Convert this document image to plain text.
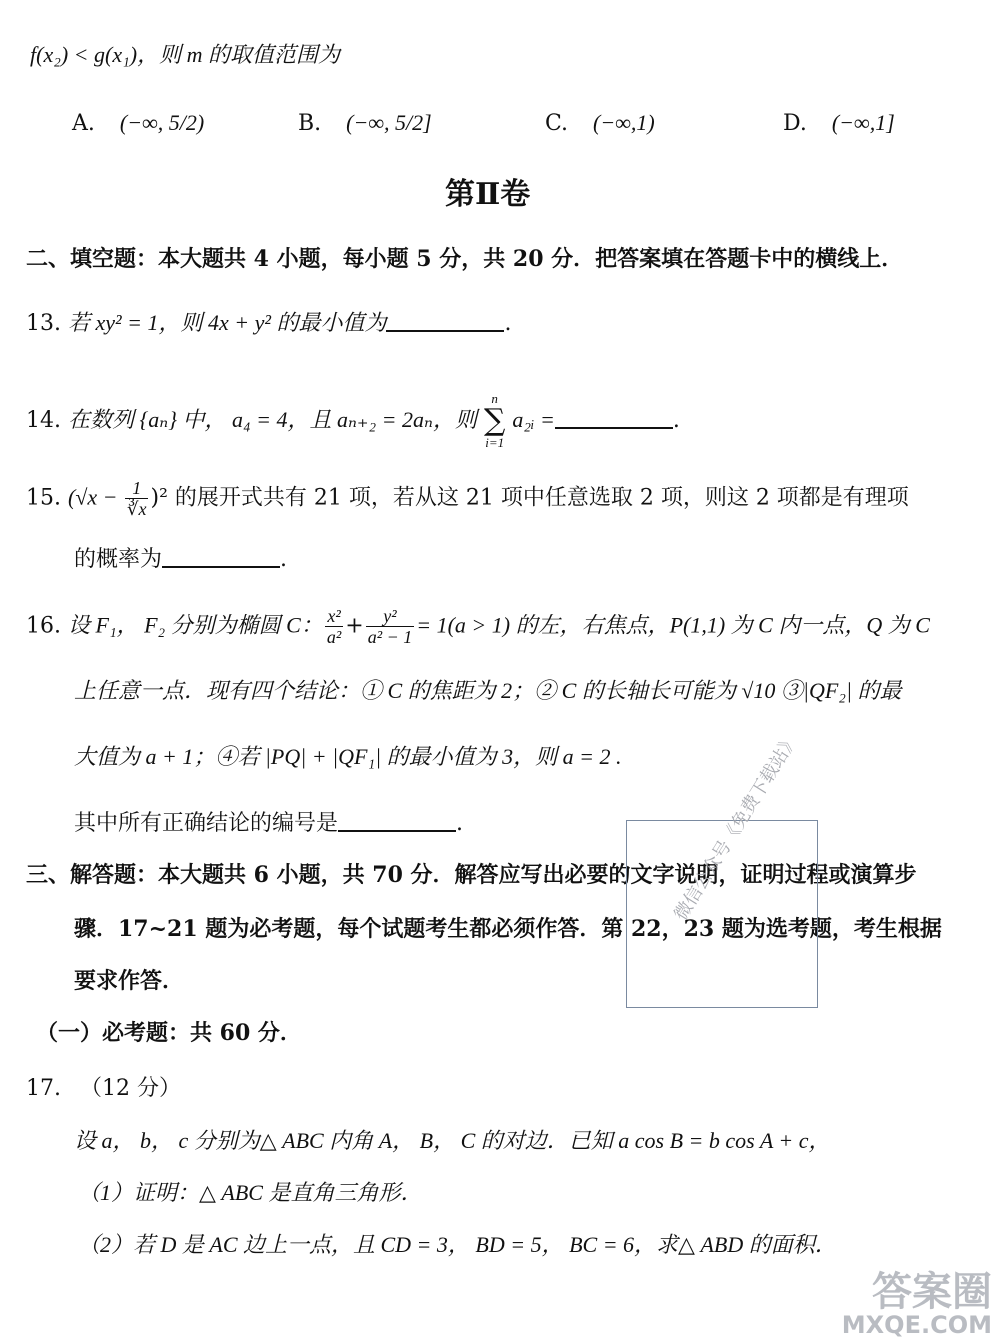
f(x₂) < g(x₁)，则 m 的取值范围为
A. (−∞, 5/2)	B. (−∞, 5/2]	C. (−∞,1)	D. (−∞,1]
第Ⅱ卷
二、填空题：本大题共 4 小题，每小题 5 分，共 20 分．把答案填在答题卡中的横线上．
13. 若 xy² = 1，则 4x + y² 的最小值为	.
14. 在数列 {aₙ} 中， a₄ = 4，且 aₙ₊₂ = 2aₙ，则
n
∑
i=1
a₂ᵢ =	.
15. $(√x - \frac{1}{∛x} )^2$ 的展开式共有 21 项，若从这 21 项中任意选取 2 项，则这 2 项都是有理项
的概率为	.
16. 设 F₁， F₂ 分别为椭圆 C： $\frac{\text{x²}}{\text{a²}} + \frac{\text{y²}}{\text{a² − 1}} = 1(a > 1)$ 的左，右焦点，P(1,1) 为 C 内一点，Q 为 C
上任意一点．现有四个结论：① C 的焦距为 2；② C 的长轴长可能为 √10 ③|QF₂| 的最
大值为 a + 1；④若 |PQ| + |QF₁| 的最小值为 3，则 a = 2 .
其中所有正确结论的编号是	.
三、解答题：本大题共 6 小题，共 70 分．解答应写出必要的文字说明，证明过程或演算步
骤．17~21 题为必考题，每个试题考生都必须作答．第 22，23 题为选考题，考生根据
要求作答．
（一）必考题：共 60 分．
17. （12 分）
设 a， b， c 分别为△ ABC 内角 A， B， C 的对边．已知 a cos B = b cos A + c，
（1）证明：△ ABC 是直角三角形．
（2）若 D 是 AC 边上一点，且 CD = 3， BD = 5， BC = 6，求△ ABD 的面积．
微信公众号《免费下载站》
答案圈
MXQE.COM
